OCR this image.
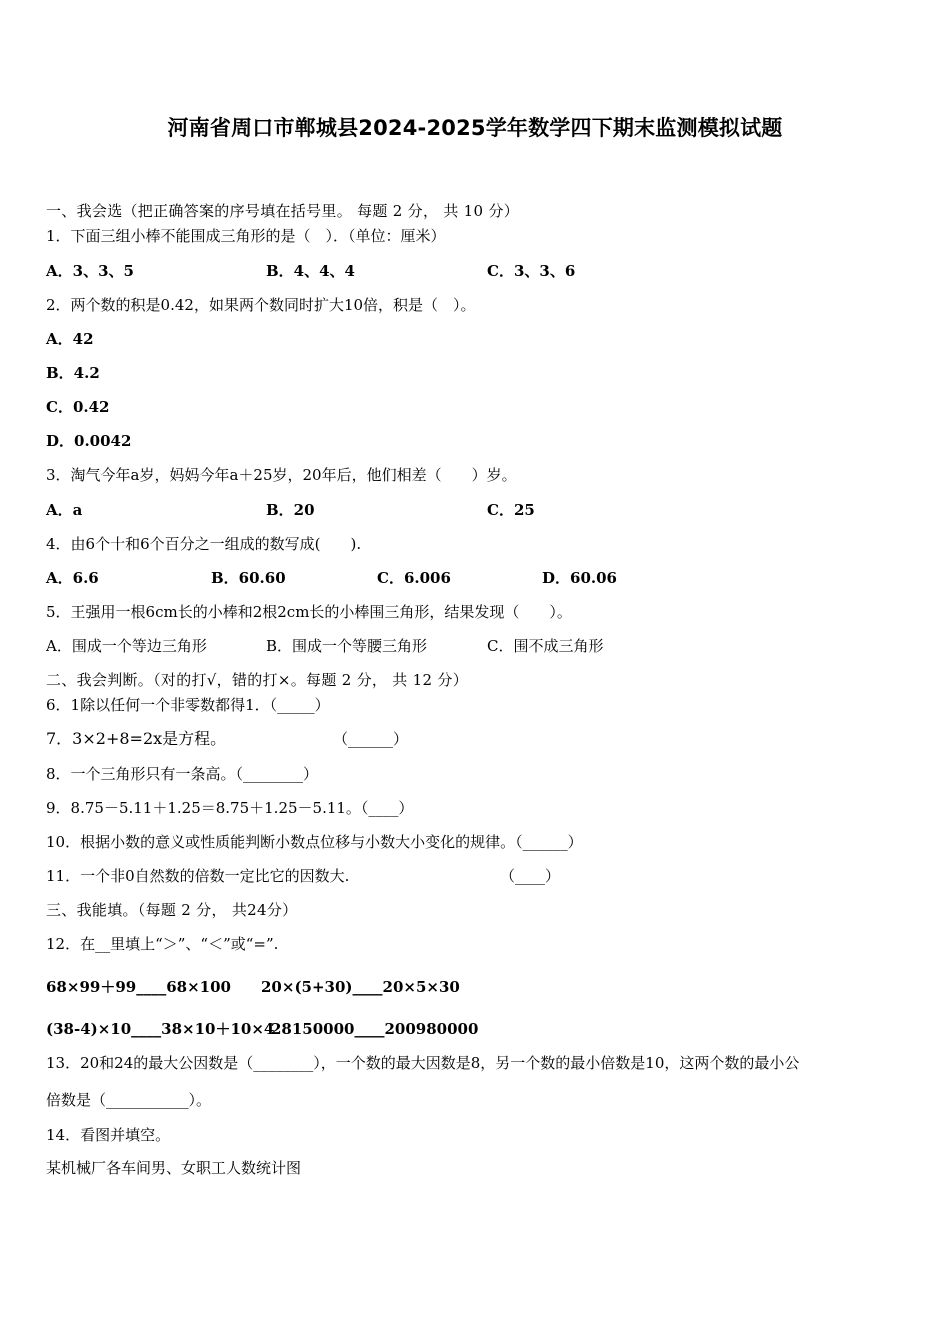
河南省周口市郸城县2024-2025学年数学四下期末监测模拟试题
一、我会选（把正确答案的序号填在括号里。 每题 2 分， 共 10 分）
1．下面三组小棒不能围成三角形的是（　）．（单位：厘米）
A．3、3、5	B．4、4、4	C．3、3、6
2．两个数的积是0.42，如果两个数同时扩大10倍，积是（　）。
A．42
B．4.2
C．0.42
D．0.0042
3．淘气今年a岁，妈妈今年a＋25岁，20年后，他们相差（　　）岁。
A．a	B．20	C．25
4．由6个十和6个百分之一组成的数写成(　　).
A．6.6	B．60.60	C．6.006	D．60.06
5．王强用一根6cm长的小棒和2根2cm长的小棒围三角形，结果发现（　　）。
A．围成一个等边三角形	B．围成一个等腰三角形	C．围不成三角形
二、我会判断。（对的打√，错的打×。每题 2 分， 共 12 分）
6．1除以任何一个非零数都得1．（_____）
7．3×2+8=2x是方程。	（______）
8．一个三角形只有一条高。（________）
9．8.75－5.11＋1.25＝8.75＋1.25－5.11。（____）
10．根据小数的意义或性质能判断小数点位移与小数大小变化的规律。（______）
11．一个非0自然数的倍数一定比它的因数大.	（____）
三、我能填。（每题 2 分， 共24分）
12．在__里填上“＞”、“＜”或“=”.
68×99＋99____68×100 20×(5+30)____20×5×30
(38-4)×10____38×10＋10×4
28150000____200980000
13．20和24的最大公因数是（________），一个数的最大因数是8，另一个数的最小倍数是10，这两个数的最小公
倍数是（___________）。
14．看图并填空。
某机械厂各车间男、女职工人数统计图
